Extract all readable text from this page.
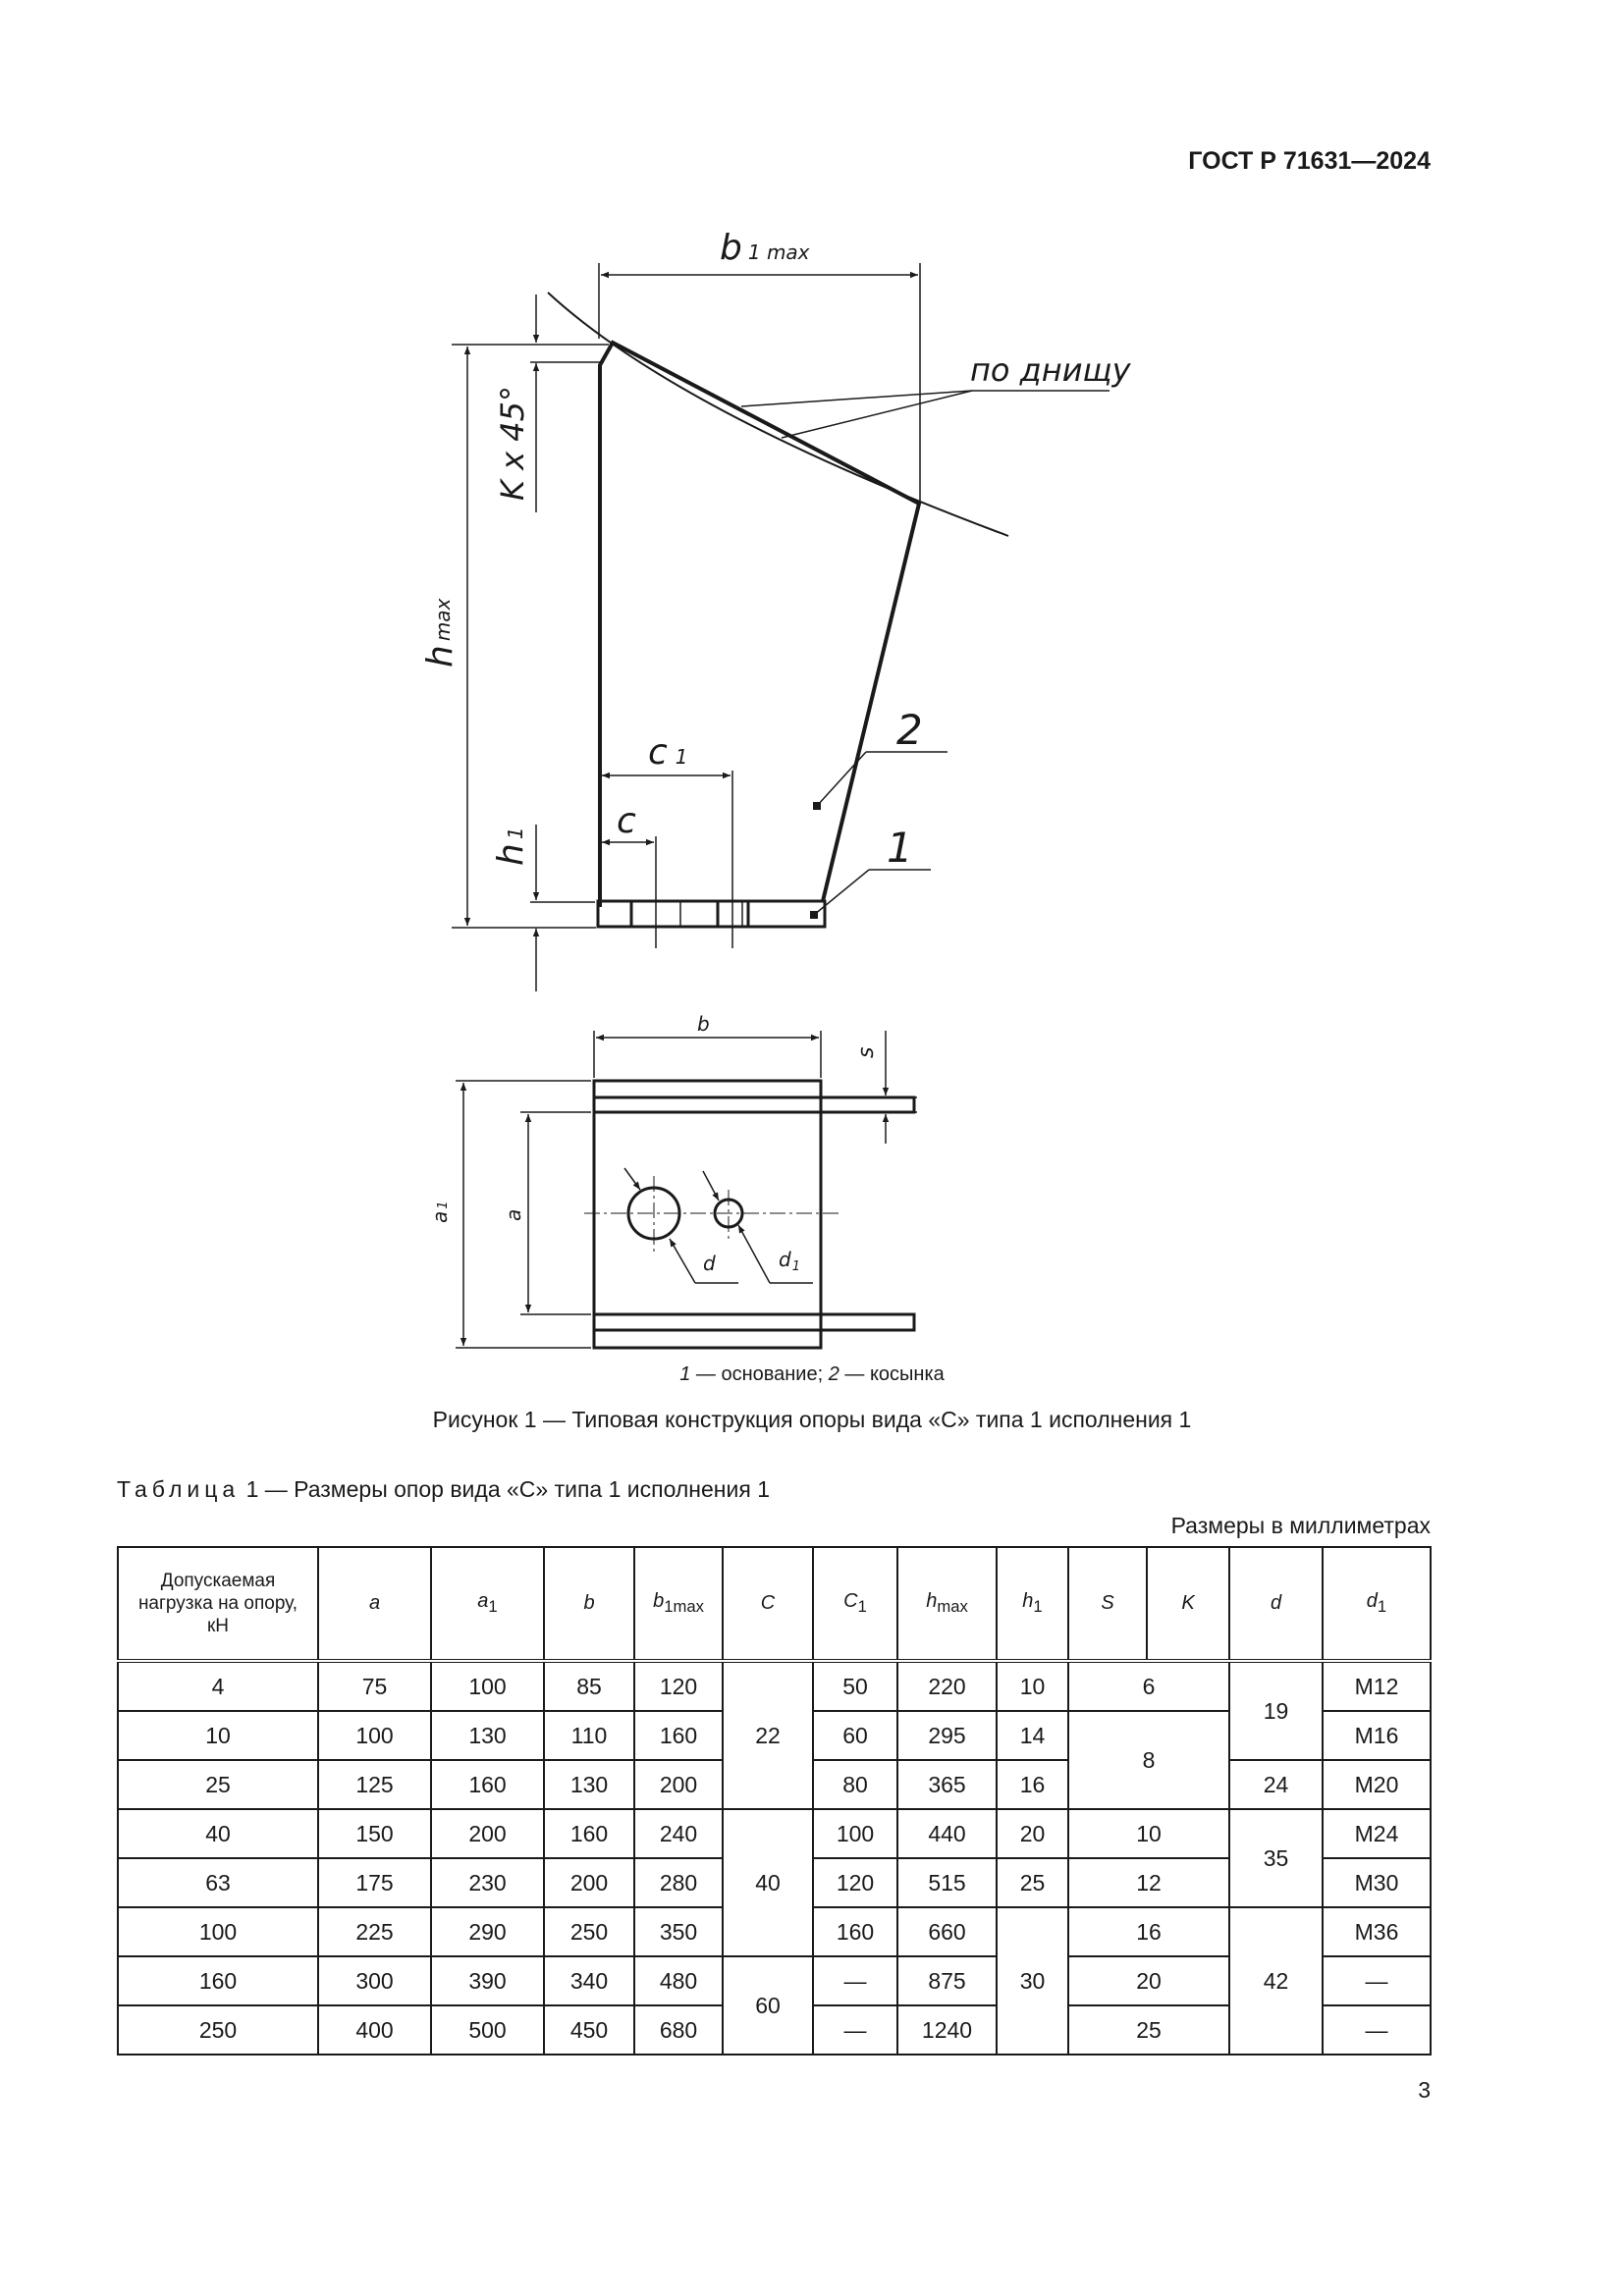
ГОСТ Р 71631—2024
b 1 max
по днищу
K x 45°
hmax
c 1
c
h1
2
1
b
s
a1
a
d	$d_1$
1 — основание; 2 — косынка
Рисунок 1 — Типовая конструкция опоры вида «С» типа 1 исполнения 1
Таблица 1 — Размеры опор вида «С» типа 1 исполнения 1
Размеры в миллиметрах
Допускаемая нагрузка на опору, кН	a	$a_1$	b	$b_{1max}$	C	$C_1$	$h_{max}$	$h_1$	S	K	d	$d_1$
4	75	100	85	120	22	50	220	10	6		19	М12
10	100	130	110	160		60	295	14	8			М16
25	125	160	130	200		80	365	16			24	М20
40	150	200	160	240	40	100	440	20	10		35	М24
63	175	230	200	280		120	515	25	12			М30
100	225	290	250	350		160	660	30	16		42	М36
160	300	390	340	480	60	—	875		20			—
250	400	500	450	680		—	1240		25			—
3
